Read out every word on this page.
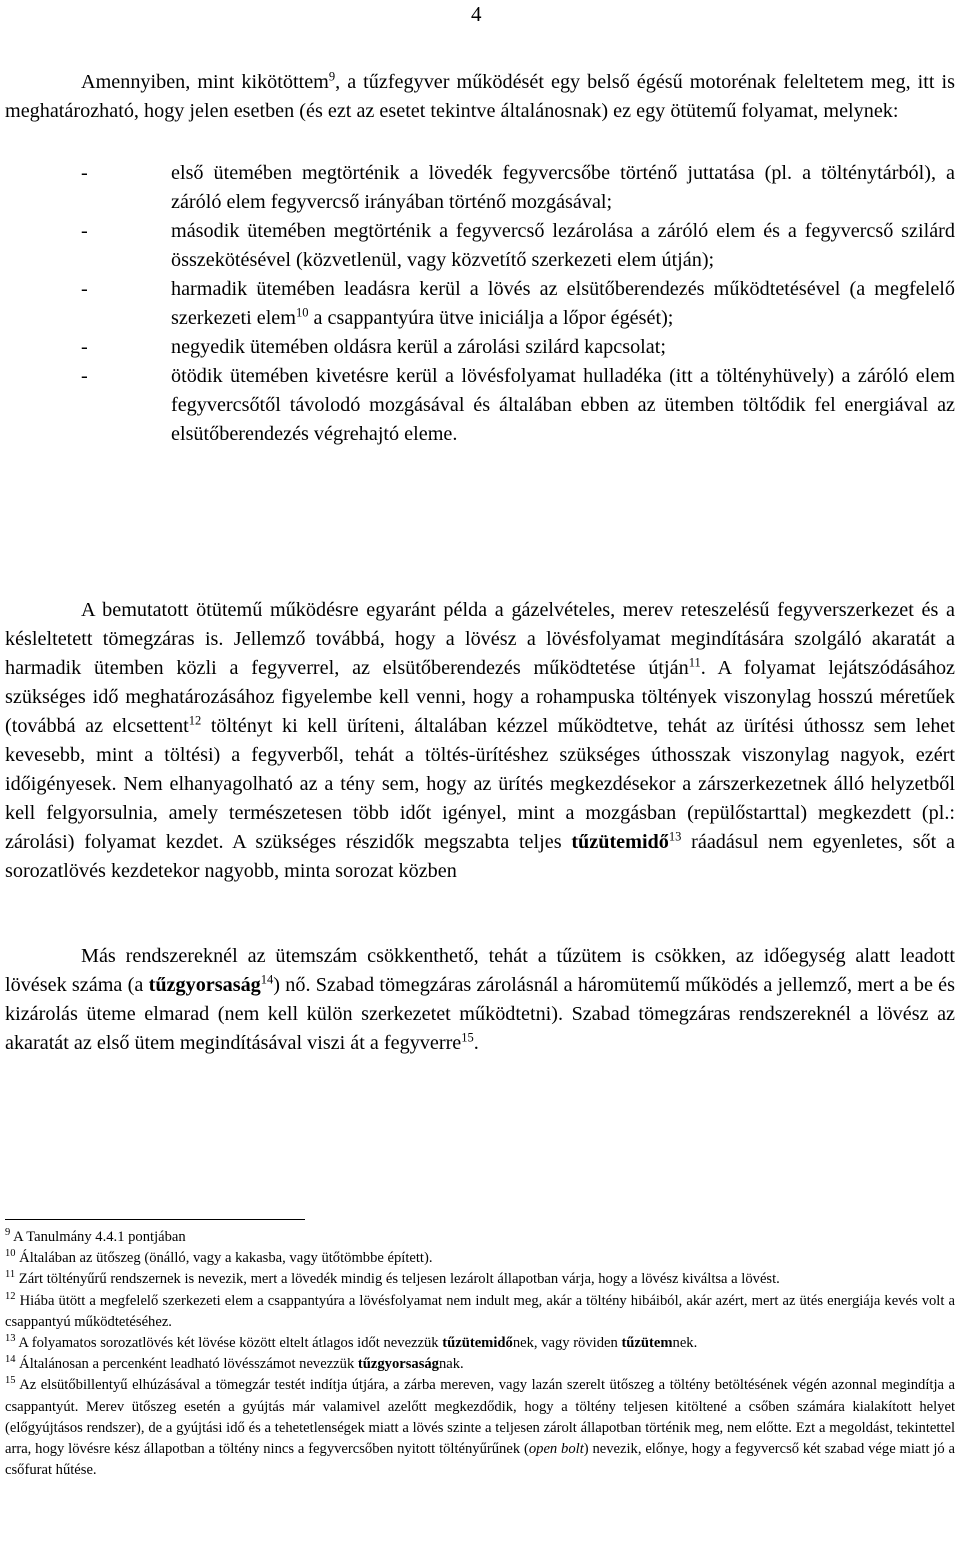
4

Amennyiben, mint kikötöttem$^9$, a tűzfegyver működését egy belső égésű motorénak feleltetem meg, itt is meghatározható, hogy jelen esetben (és ezt az esetet tekintve általánosnak) ez egy ötütemű folyamat, melynek:

-	első ütemében megtörténik a lövedék fegyvercsőbe történő juttatása (pl. a tölténytárból), a záróló elem fegyvercső irányában történő mozgásával;
-	második ütemében megtörténik a fegyvercső lezárolása a záróló elem és a fegyvercső szilárd összekötésével (közvetlenül, vagy közvetítő szerkezeti elem útján);
-	harmadik ütemében leadásra kerül a lövés az elsütőberendezés működtetésével (a megfelelő szerkezeti elem$^{10}$ a csappantyúra ütve iniciálja a lőpor égését);
-	negyedik ütemében oldásra kerül a zárolási szilárd kapcsolat;
-	ötödik ütemében kivetésre kerül a lövésfolyamat hulladéka (itt a töltényhüvely) a záróló elem fegyvercsőtől távolodó mozgásával és általában ebben az ütemben töltődik fel energiával az elsütőberendezés végrehajtó eleme.

A bemutatott ötütemű működésre egyaránt példa a gázelvételes, merev reteszelésű fegyverszerkezet és a késleltetett tömegzáras is. Jellemző továbbá, hogy a lövész a lövésfolyamat megindítására szolgáló akaratát a harmadik ütemben közli a fegyverrel, az elsütőberendezés működtetése útján$^{11}$. A folyamat lejátszódásához szükséges idő meghatározásához figyelembe kell venni, hogy a rohampuska töltények viszonylag hosszú méretűek (továbbá az elcsettent$^{12}$ töltényt ki kell üríteni, általában kézzel működtetve, tehát az ürítési úthossz sem lehet kevesebb, mint a töltési) a fegyverből, tehát a töltés-ürítéshez szükséges úthosszak viszonylag nagyok, ezért időigényesek. Nem elhanyagolható az a tény sem, hogy az ürítés megkezdésekor a zárszerkezetnek álló helyzetből kell felgyorsulnia, amely természetesen több időt igényel, mint a mozgásban (repülőstarttal) megkezdett (pl.: zárolási) folyamat kezdet. A szükséges részidők megszabta teljes tűzütemidő$^{13}$ ráadásul nem egyenletes, sőt a sorozatlövés kezdetekor nagyobb, minta sorozat közben

Más rendszereknél az ütemszám csökkenthető, tehát a tűzütem is csökken, az időegység alatt leadott lövések száma (a tűzgyorsaság$^{14}$) nő. Szabad tömegzáras zárolásnál a háromütemű működés a jellemző, mert a be és kizárolás üteme elmarad (nem kell külön szerkezetet működtetni). Szabad tömegzáras rendszereknél a lövész az akaratát az első ütem megindításával viszi át a fegyverre$^{15}$.

$^9$ A Tanulmány 4.4.1 pontjában

$^{10}$ Általában az ütőszeg (önálló, vagy a kakasba, vagy ütőtömbbe épített).

$^{11}$ Zárt töltényűrű rendszernek is nevezik, mert a lövedék mindig és teljesen lezárolt állapotban várja, hogy a lövész kiváltsa a lövést.

$^{12}$ Hiába ütött a megfelelő szerkezeti elem a csappantyúra a lövésfolyamat nem indult meg, akár a töltény hibáiból, akár azért, mert az ütés energiája kevés volt a csappantyú működtetéséhez.

$^{13}$ A folyamatos sorozatlövés két lövése között eltelt átlagos időt nevezzük tűzütemidőnek, vagy röviden tűzütemnek.

$^{14}$ Általánosan a percenként leadható lövésszámot nevezzük tűzgyorsaságnak.

$^{15}$ Az elsütőbillentyű elhúzásával a tömegzár testét indítja útjára, a zárba mereven, vagy lazán szerelt ütőszeg a töltény betöltésének végén azonnal megindítja a csappantyút. Merev ütőszeg esetén a gyújtás már valamivel azelőtt megkezdődik, hogy a töltény teljesen kitöltené a csőben számára kialakított helyet (előgyújtásos rendszer), de a gyújtási idő és a tehetetlenségek miatt a lövés szinte a teljesen zárolt állapotban történik meg, nem előtte. Ezt a megoldást, tekintettel arra, hogy lövésre kész állapotban a töltény nincs a fegyvercsőben nyitott töltényűrűnek (open bolt) nevezik, előnye, hogy a fegyvercső két szabad vége miatt jó a csőfurat hűtése.
